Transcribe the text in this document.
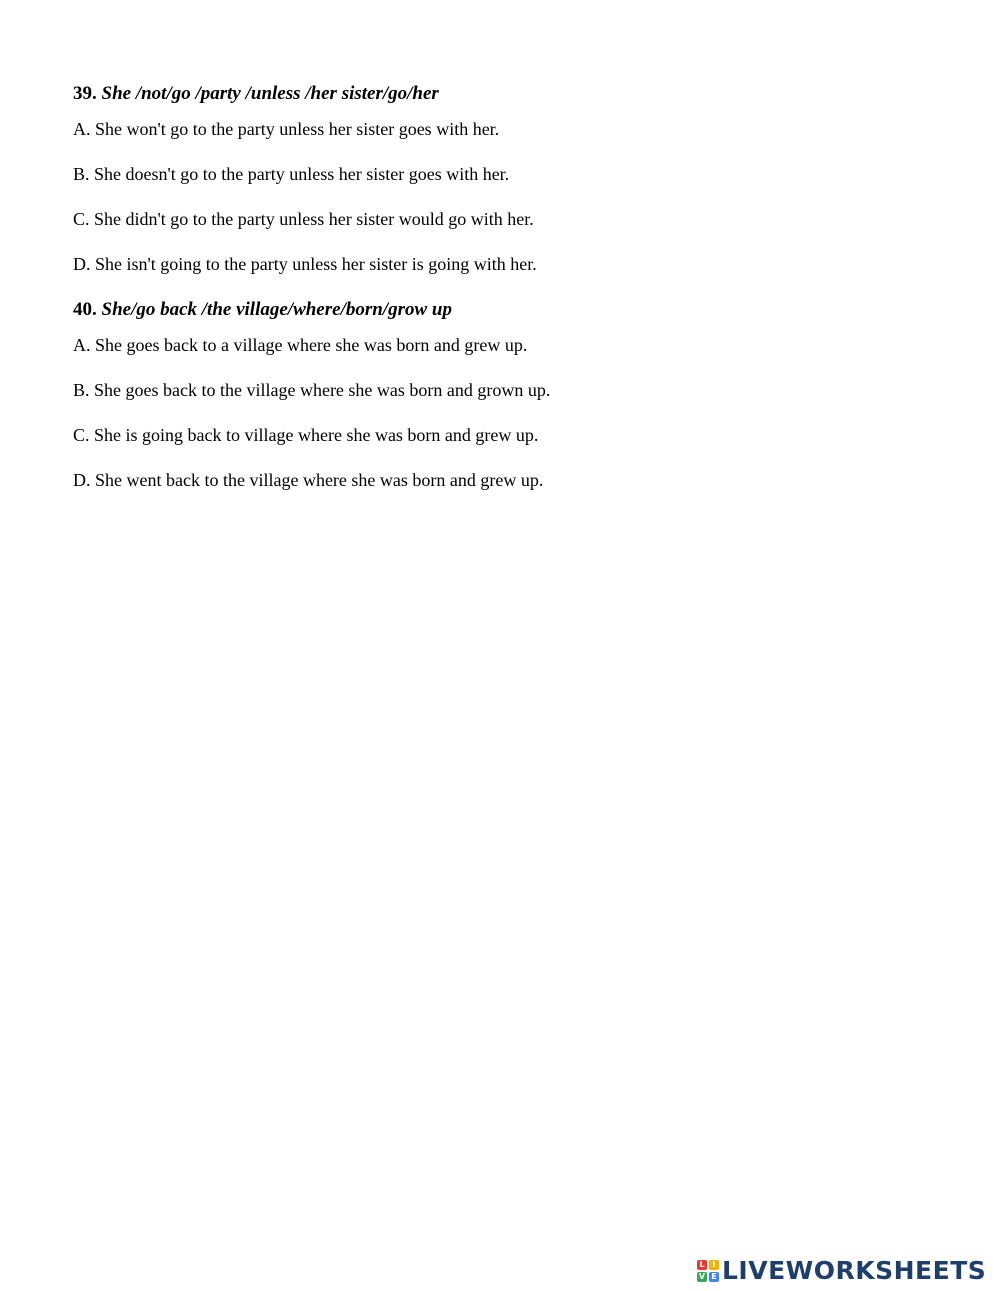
39. She /not/go /party /unless /her sister/go/her
A. She won't go to the party unless her sister goes with her.
B. She doesn't go to the party unless her sister goes with her.
C. She didn't go to the party unless her sister would go with her.
D. She isn't going to the party unless her sister is going with her.
40. She/go back /the village/where/born/grow up
A. She goes back to a village where she was born and grew up.
B. She goes back to the village where she was born and grown up.
C. She is going back to village where she was born and grew up.
D. She went back to the village where she was born and grew up.
L I
V E LIVEWORKSHEETS
